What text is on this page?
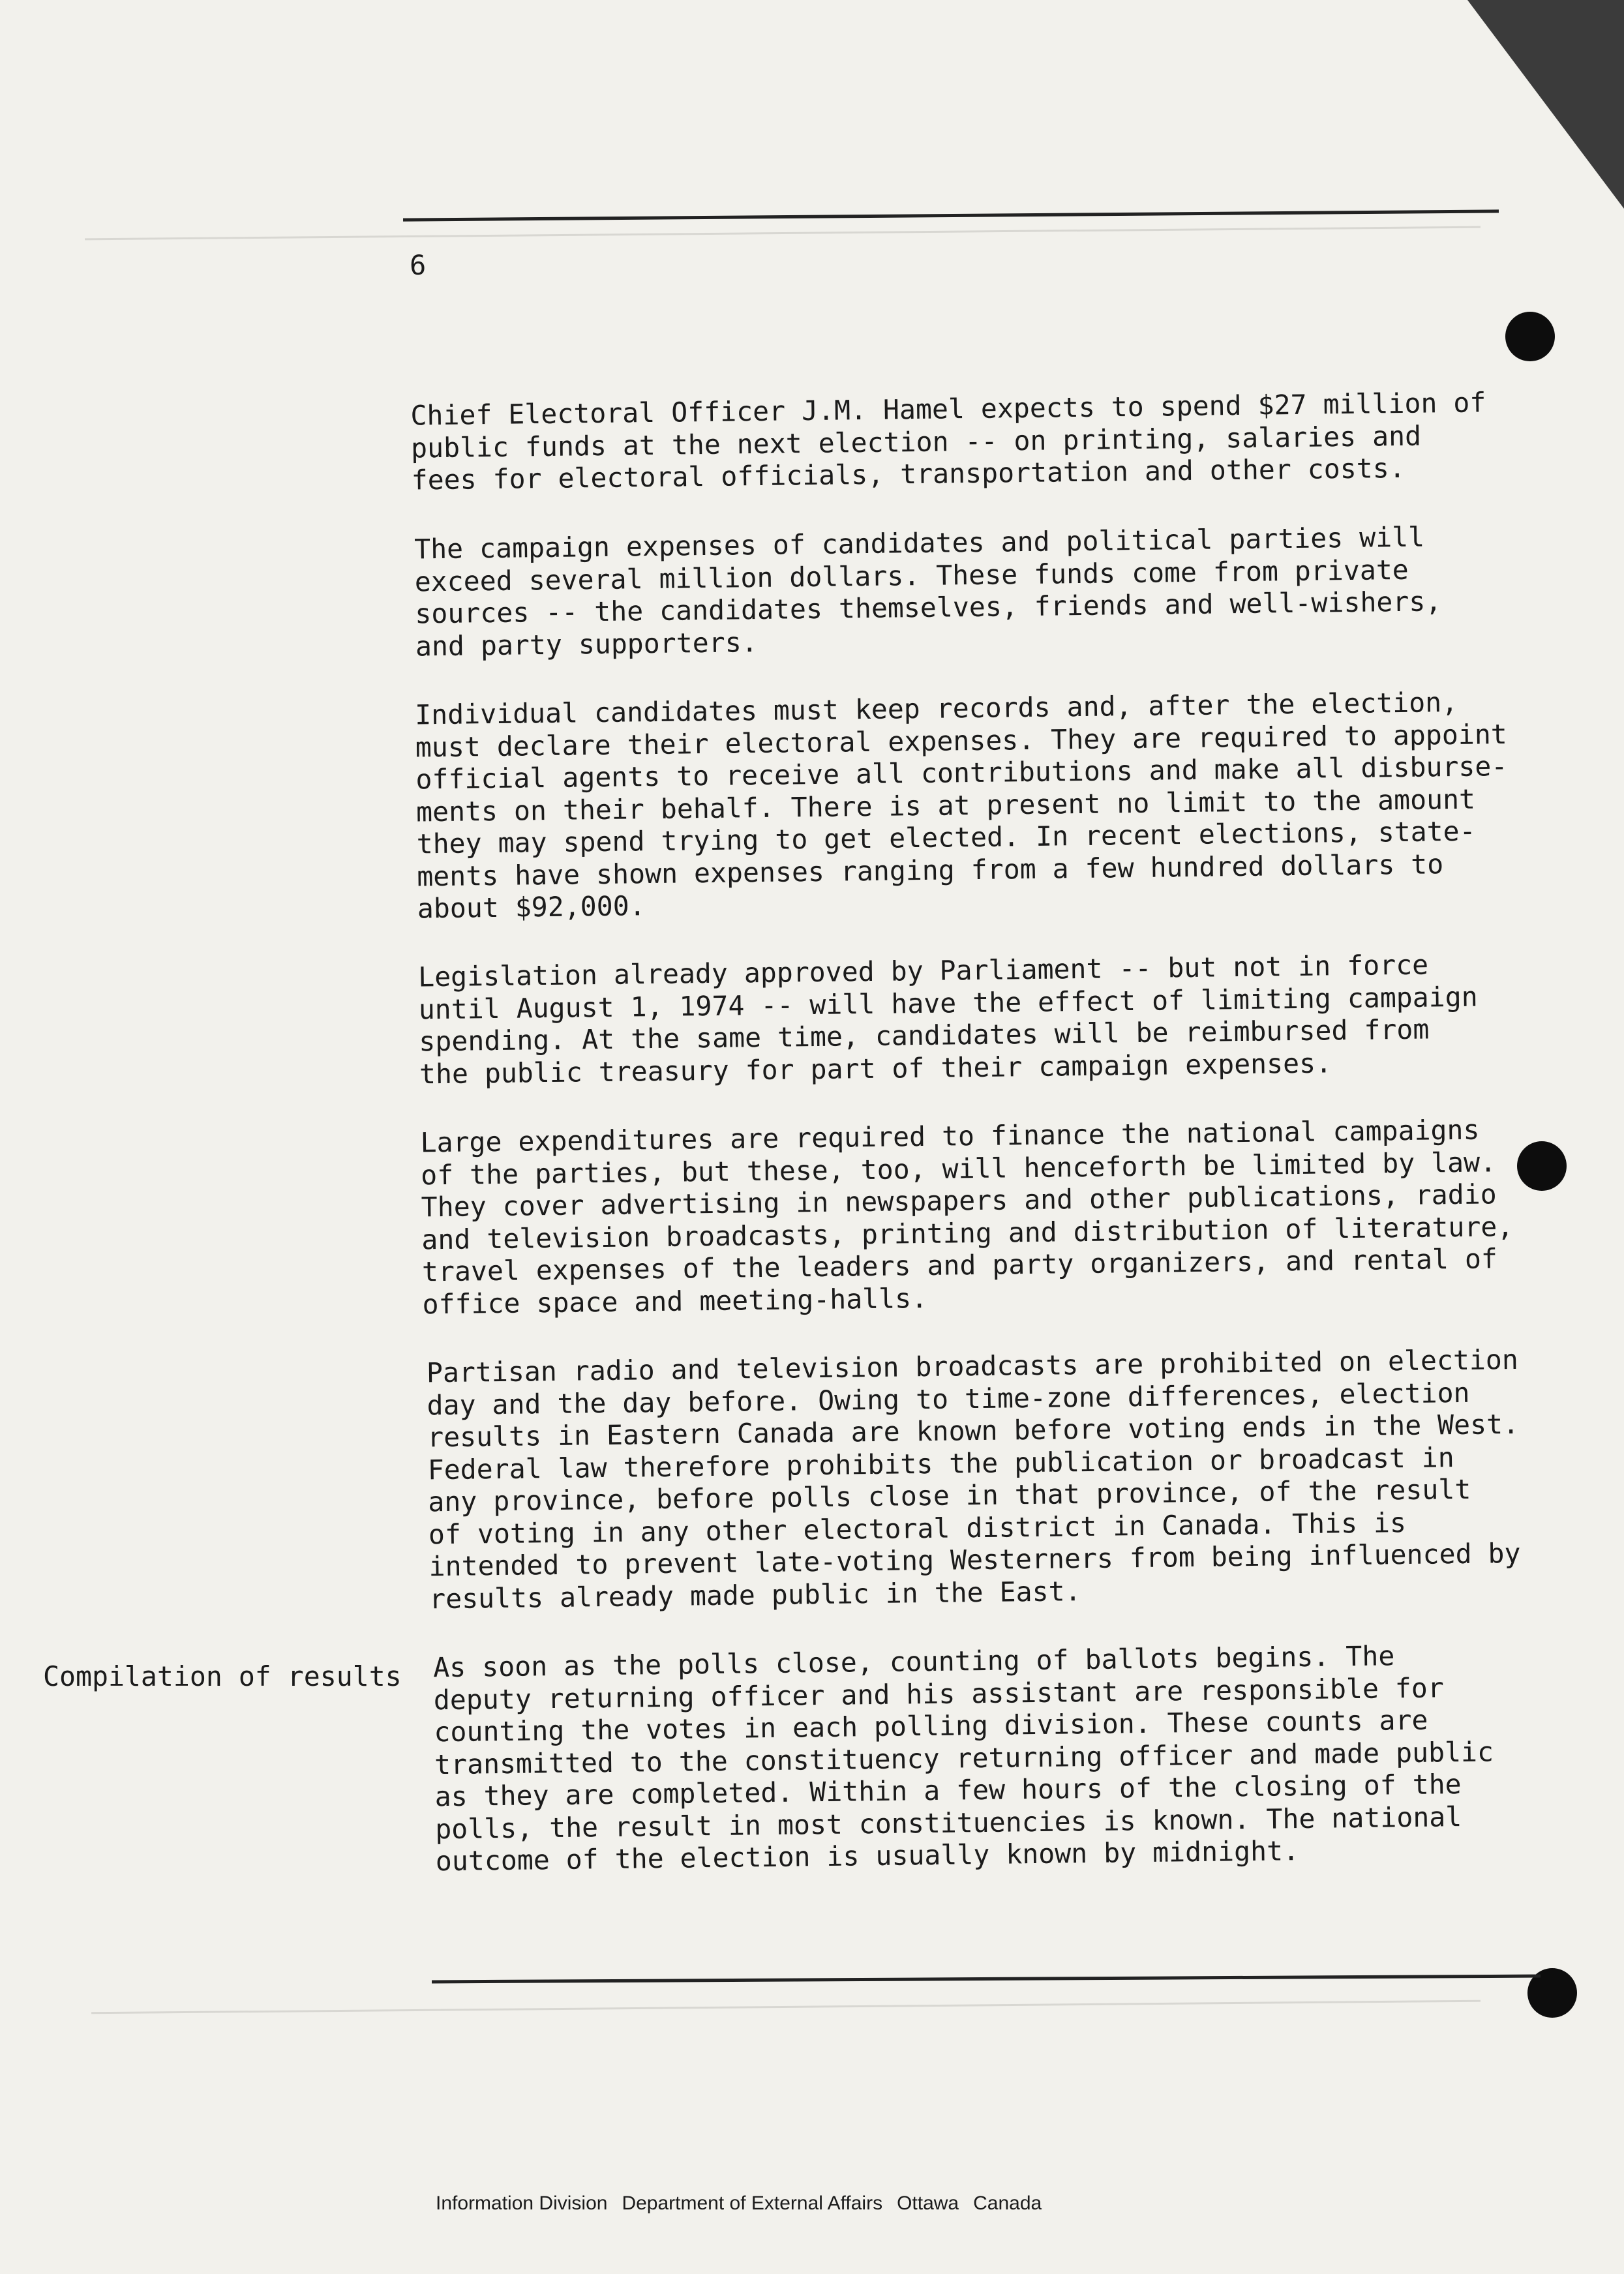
6

Chief Electoral Officer J.M. Hamel expects to spend $27 million of
public funds at the next election -- on printing, salaries and
fees for electoral officials, transportation and other costs.

The campaign expenses of candidates and political parties will
exceed several million dollars. These funds come from private
sources -- the candidates themselves, friends and well-wishers,
and party supporters.

Individual candidates must keep records and, after the election,
must declare their electoral expenses. They are required to appoint
official agents to receive all contributions and make all disburse-
ments on their behalf. There is at present no limit to the amount
they may spend trying to get elected. In recent elections, state-
ments have shown expenses ranging from a few hundred dollars to
about $92,000.

Legislation already approved by Parliament -- but not in force
until August 1, 1974 -- will have the effect of limiting campaign
spending. At the same time, candidates will be reimbursed from
the public treasury for part of their campaign expenses.

Large expenditures are required to finance the national campaigns
of the parties, but these, too, will henceforth be limited by law.
They cover advertising in newspapers and other publications, radio
and television broadcasts, printing and distribution of literature,
travel expenses of the leaders and party organizers, and rental of
office space and meeting-halls.

Partisan radio and television broadcasts are prohibited on election
day and the day before. Owing to time-zone differences, election
results in Eastern Canada are known before voting ends in the West.
Federal law therefore prohibits the publication or broadcast in
any province, before polls close in that province, of the result
of voting in any other electoral district in Canada. This is
intended to prevent late-voting Westerners from being influenced by
results already made public in the East.

As soon as the polls close, counting of ballots begins. The
deputy returning officer and his assistant are responsible for
counting the votes in each polling division. These counts are
transmitted to the constituency returning officer and made public
as they are completed. Within a few hours of the closing of the
polls, the result in most constituencies is known. The national
outcome of the election is usually known by midnight.

Compilation of results
Information Division Department of External Affairs Ottawa Canada
